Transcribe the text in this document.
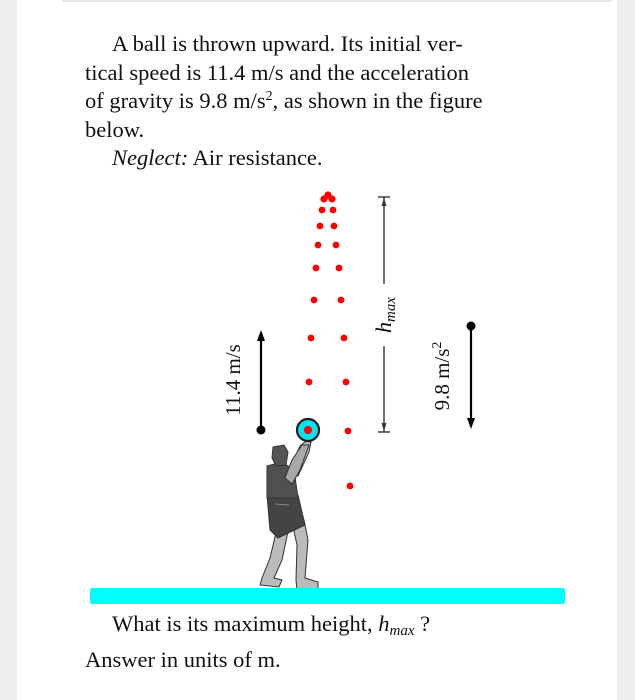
A ball is thrown upward. Its initial ver-

tical speed is 11.4 m/s and the acceleration

of gravity is 9.8 $m/s^2$, as shown in the figure

below.

Neglect: Air resistance.

11.4 m/s
hmax
9.8 $m/s^2$

What is its maximum height, hmax ?

Answer in units of m.
